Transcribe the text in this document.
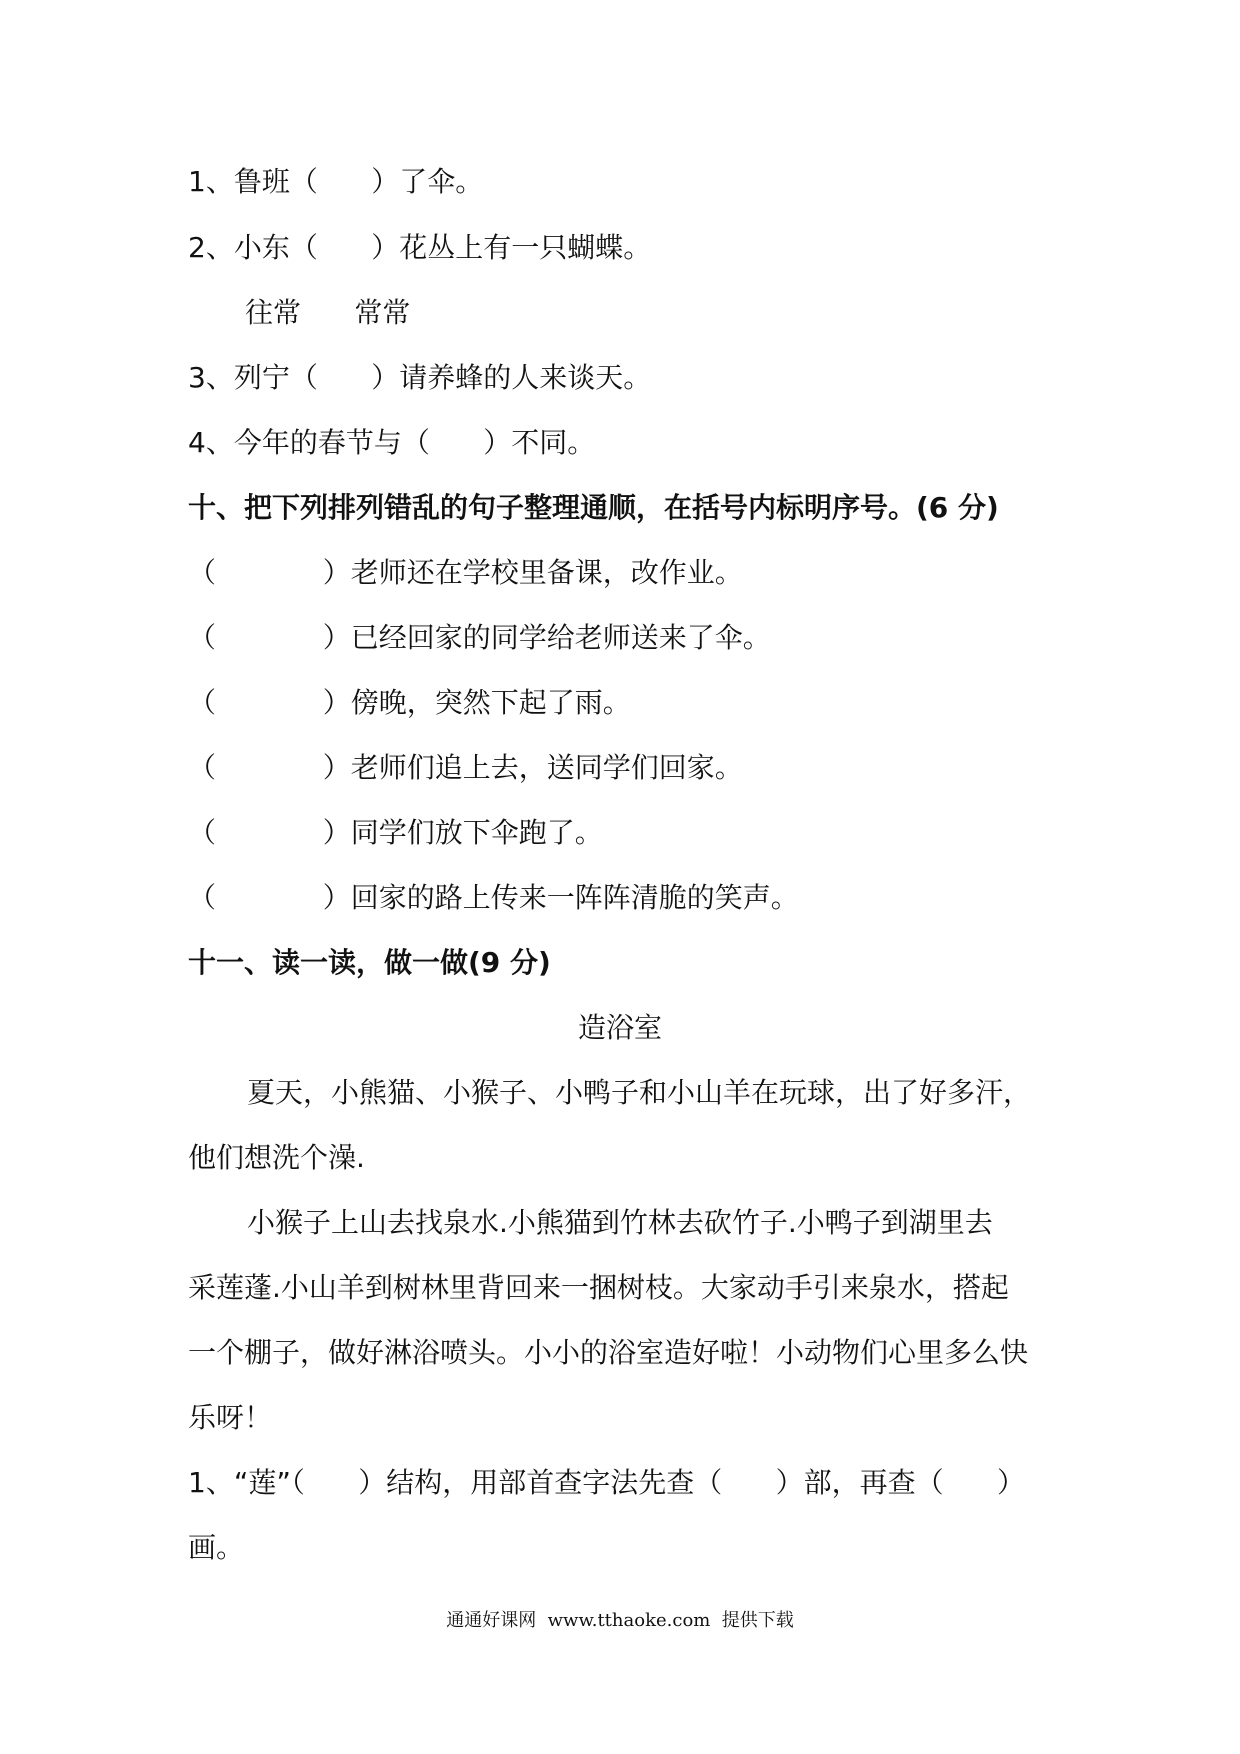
1、鲁班（      ）了伞。
2、小东（      ）花丛上有一只蝴蝶。
往常      常常
3、列宁（      ）请养蜂的人来谈天。
4、今年的春节与（      ）不同。
十、把下列排列错乱的句子整理通顺，在括号内标明序号。(6 分)
（            ）老师还在学校里备课，改作业。
（            ）已经回家的同学给老师送来了伞。
（            ）傍晚，突然下起了雨。
（            ）老师们追上去，送同学们回家。
（            ）同学们放下伞跑了。
（            ）回家的路上传来一阵阵清脆的笑声。
十一、读一读，做一做(9 分)
造浴室
夏天，小熊猫、小猴子、小鸭子和小山羊在玩球，出了好多汗，
他们想洗个澡.
小猴子上山去找泉水.小熊猫到竹林去砍竹子.小鸭子到湖里去
采莲蓬.小山羊到树林里背回来一捆树枝。大家动手引来泉水，搭起
一个棚子，做好淋浴喷头。小小的浴室造好啦！小动物们心里多么快
乐呀！
1、“莲”（      ）结构，用部首查字法先查（      ）部，再查（      ）
画。
通通好课网  www.tthaoke.com  提供下载
